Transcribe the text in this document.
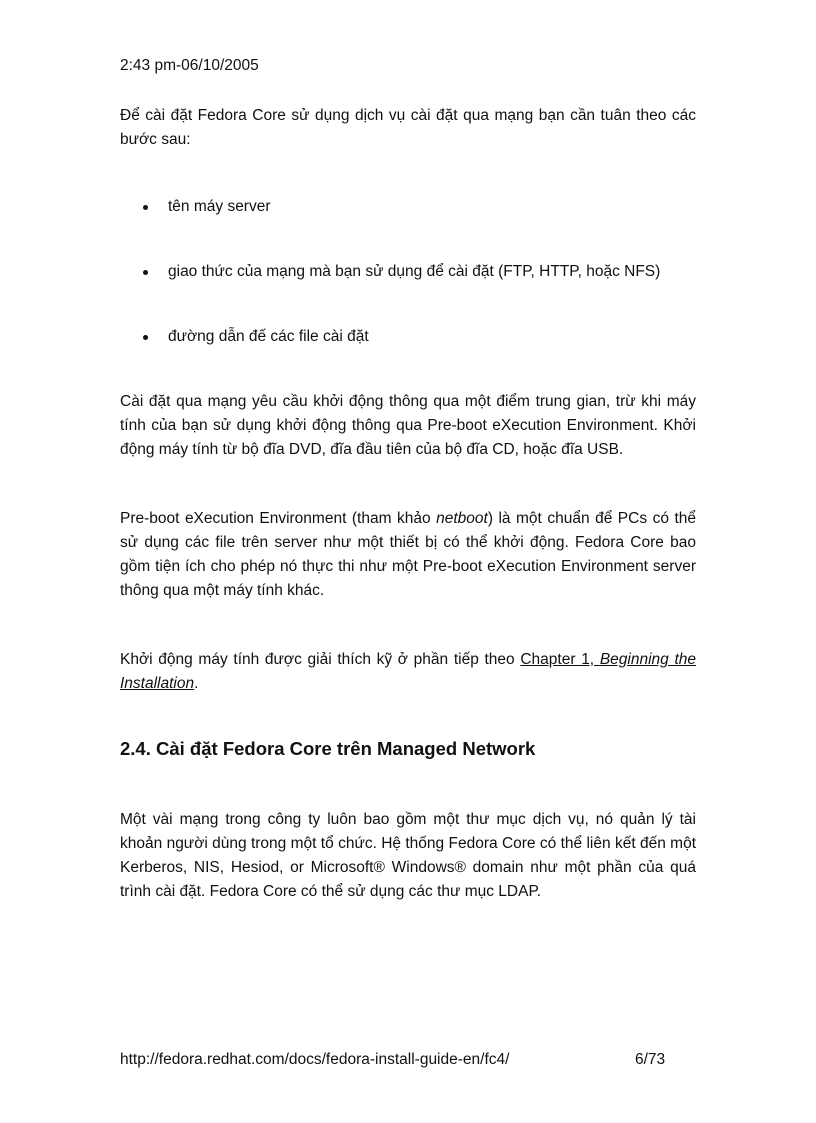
2:43 pm-06/10/2005

Để cài đặt Fedora Core sử dụng dịch vụ cài đặt qua mạng bạn cần tuân theo các bước sau:

tên máy server
giao thức của mạng mà bạn sử dụng để cài đặt (FTP, HTTP, hoặc NFS)
đường dẫn đế các file cài đặt

Cài đặt qua mạng yêu cầu khởi động thông qua một điểm trung gian, trừ khi máy tính của bạn sử dụng khởi động thông qua Pre-boot eXecution Environment. Khởi động máy tính từ bộ đĩa DVD, đĩa đầu tiên của bộ đĩa CD, hoặc đĩa USB.

Pre-boot eXecution Environment (tham khảo netboot) là một chuẩn để PCs có thể sử dụng các file trên server như một thiết bị có thể khởi động. Fedora Core bao gồm tiện ích cho phép nó thực thi như một Pre-boot eXecution Environment server thông qua một máy tính khác.

Khởi động máy tính được giải thích kỹ ở phần tiếp theo Chapter 1, Beginning the Installation.

2.4. Cài đặt Fedora Core trên Managed Network

Một vài mạng trong công ty luôn bao gồm một thư mục dịch vụ, nó quản lý tài khoản người dùng trong một tổ chức. Hệ thống Fedora Core có thể liên kết đến một Kerberos, NIS, Hesiod, or Microsoft® Windows® domain như một phần của quá trình cài đặt. Fedora Core có thể sử dụng các thư mục LDAP.

http://fedora.redhat.com/docs/fedora-install-guide-en/fc4/	6/73
